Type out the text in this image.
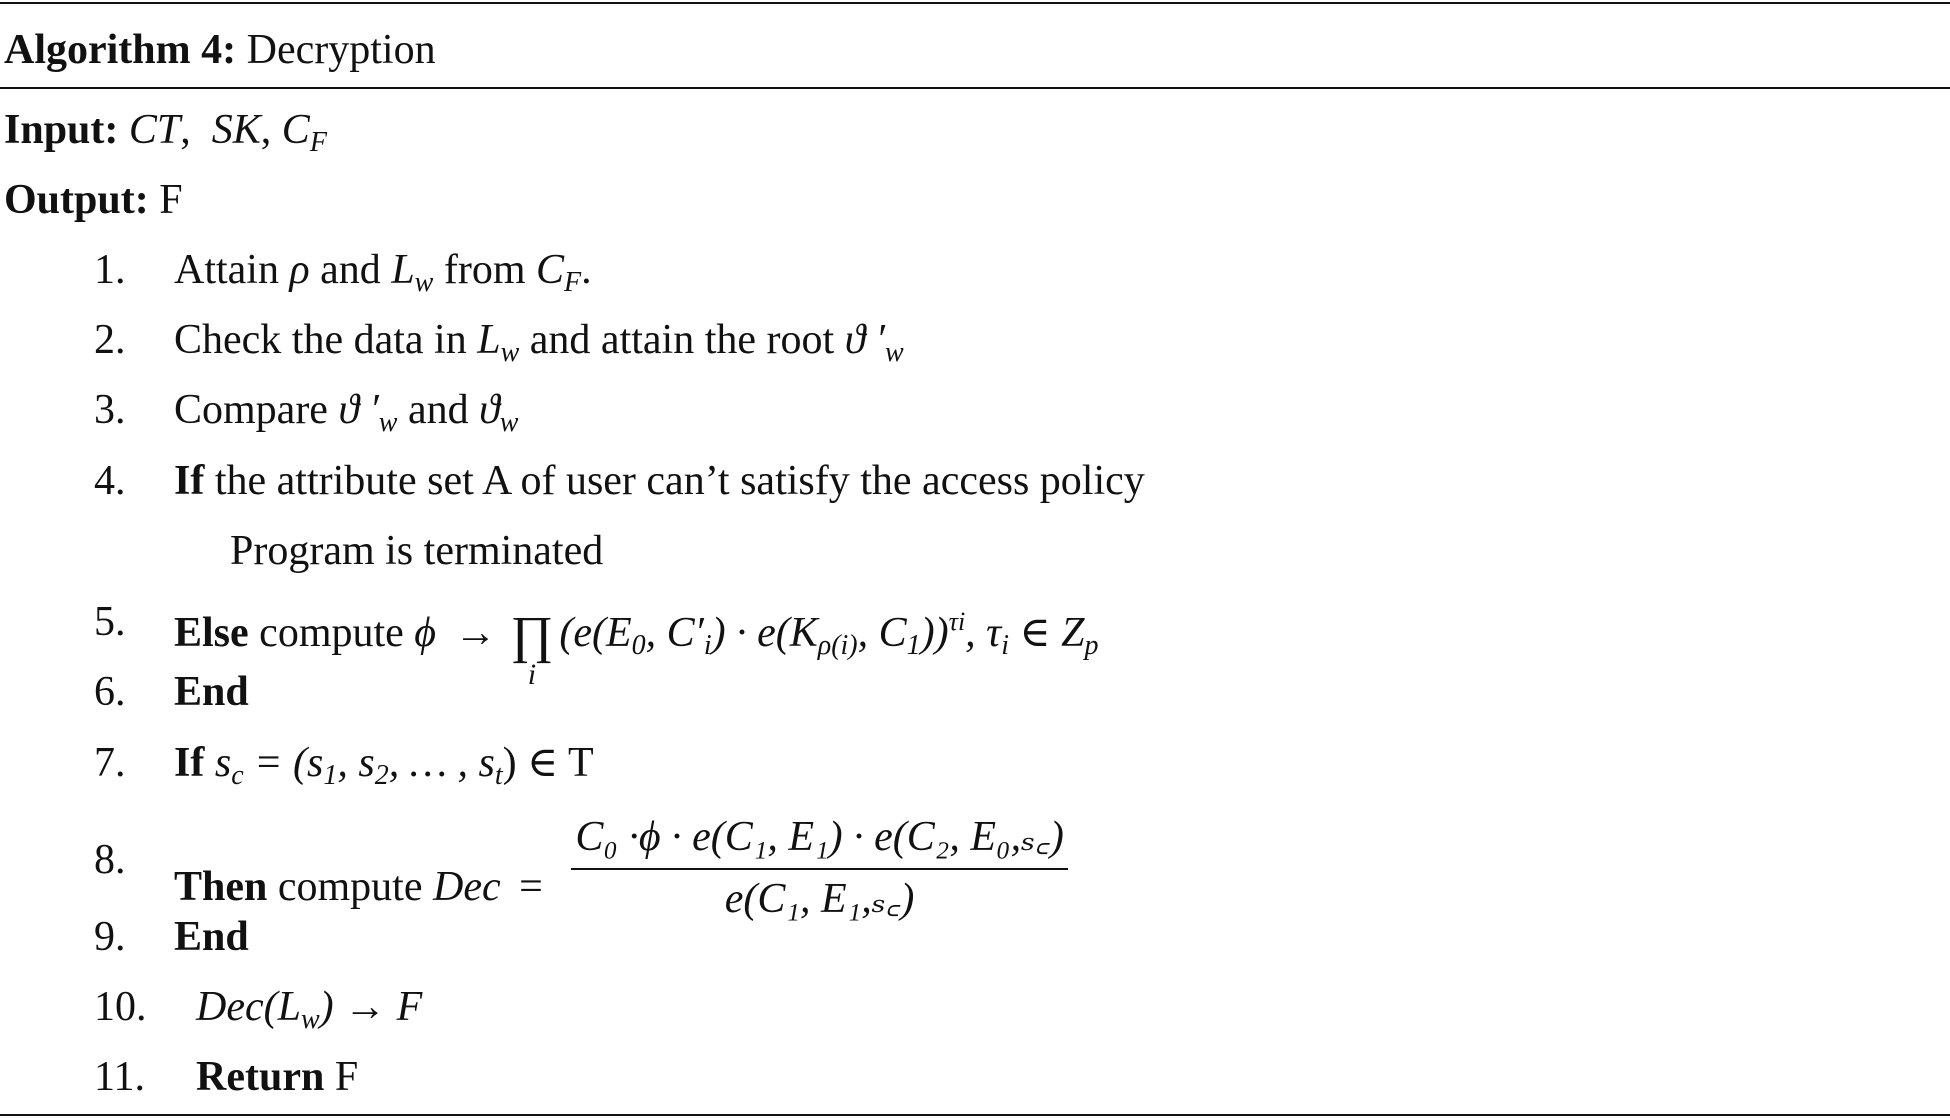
Algorithm 4: Decryption
Input: CT,  SK, CF
Output: F
1. Attain ρ and Lw from CF.
2. Check the data in Lw and attain the root ϑ ′w
3. Compare ϑ ′w and ϑw
4. If the attribute set A of user can’t satisfy the access policy
Program is terminated
5. Else compute ϕ → ∏
i
(e(E0, C′i) · e(Kρ(i), C1))$^{\tau i}$, τi ∈ Zp
6. End
7. If sc = (s1, s2, … , st) ∈ T
8.
Then compute Dec = $\frac{\text{C₀ ·ϕ · e(C₁, E₁) · e(C₂, E₀,ₛ꜀)}}{\text{e(C₁, E₁,ₛ꜀)}}$
9. End
10. Dec(Lw) → F
11. Return F
